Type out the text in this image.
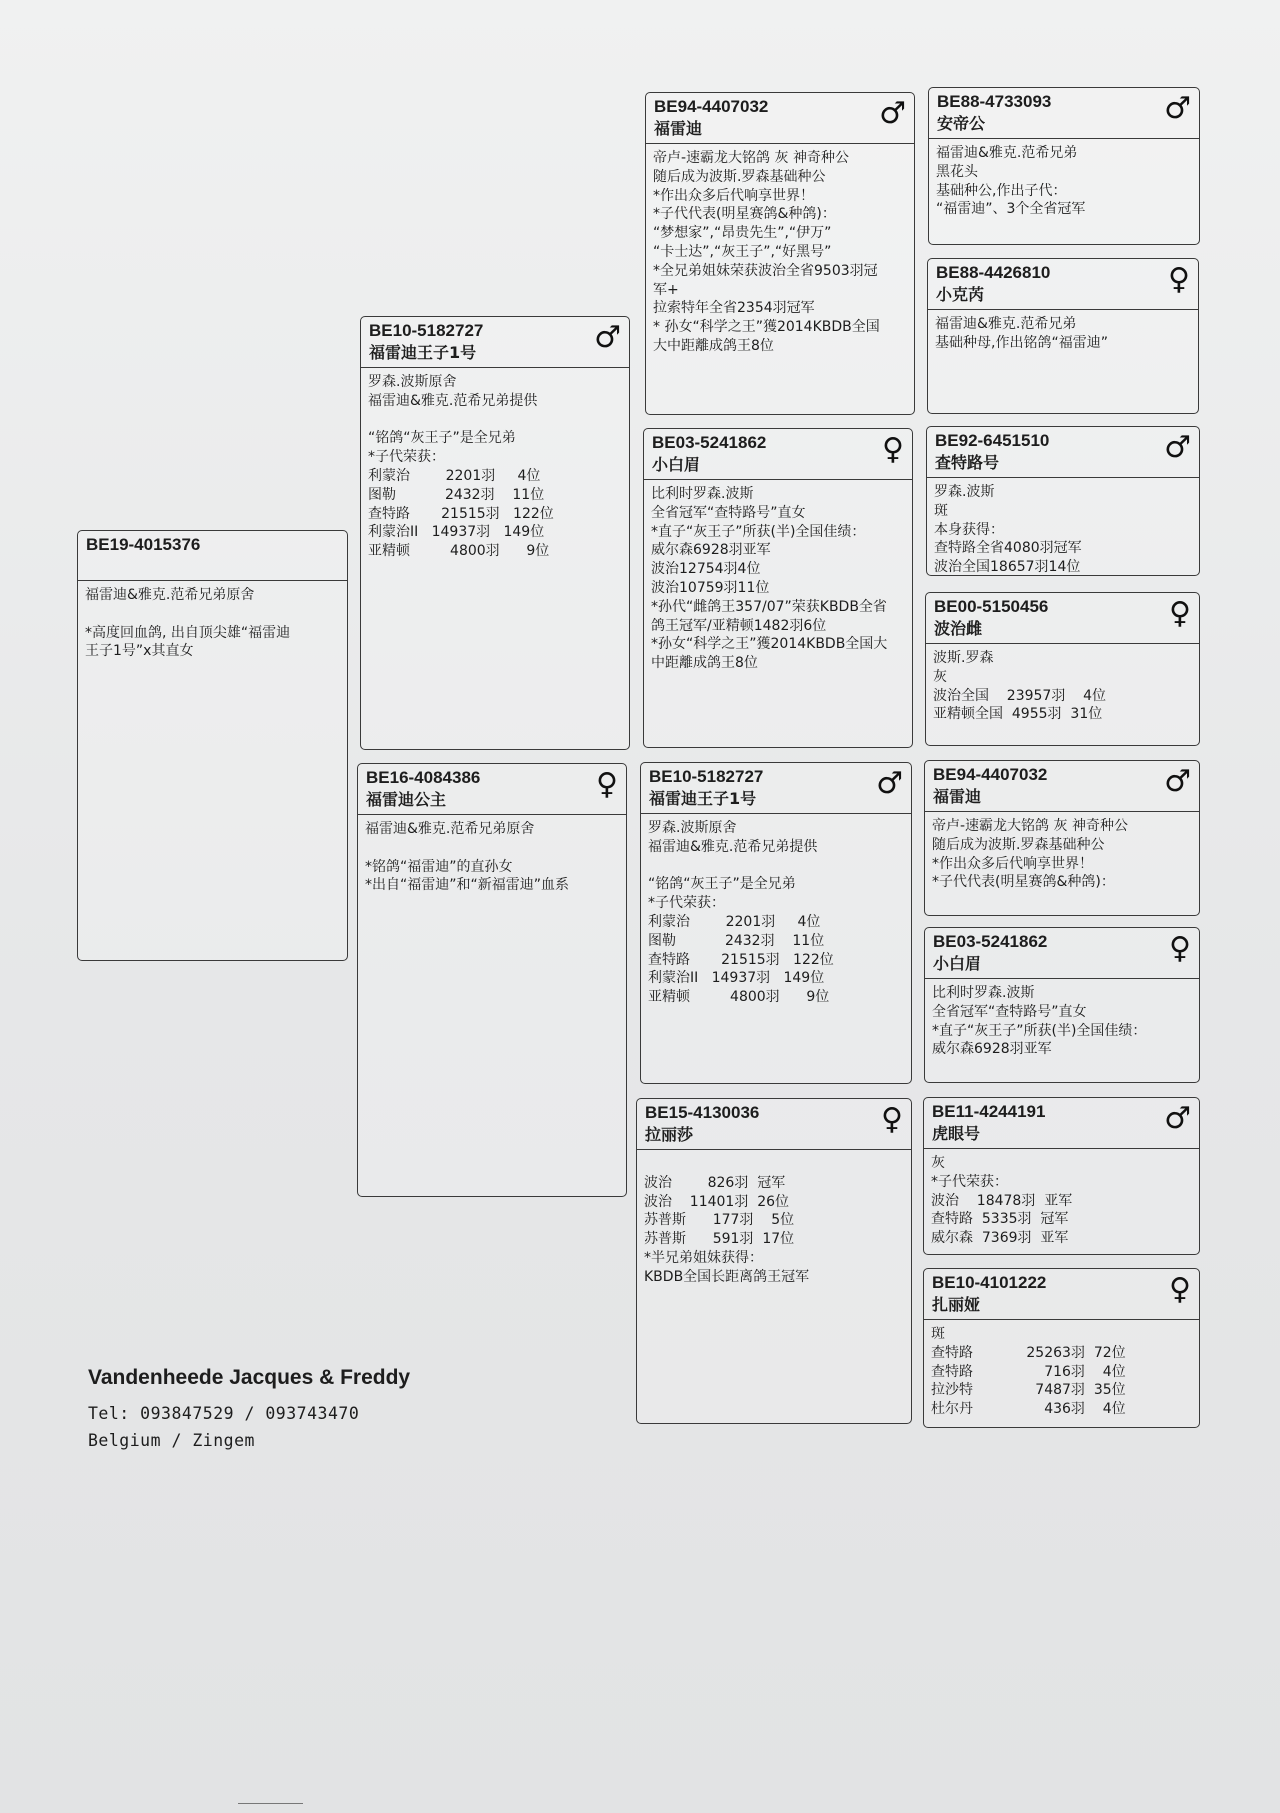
BE19-4015376
福雷迪&雅克.范希兄弟原舍
*高度回血鸽, 出自顶尖雄“福雷迪
王子1号”x其直女
BE10-5182727
福雷迪王子1号	♂
罗森.波斯原舍
福雷迪&雅克.范希兄弟提供
“铭鸽“灰王子”是全兄弟
*子代荣获：
利蒙治        2201羽     4位
图勒           2432羽    11位
查特路       21515羽   122位
利蒙治II   14937羽   149位
亚精顿         4800羽      9位
BE16-4084386
福雷迪公主	♀
福雷迪&雅克.范希兄弟原舍
*铭鸽“福雷迪”的直孙女
*出自“福雷迪”和“新福雷迪”血系
BE94-4407032
福雷迪	♂
帝卢-速霸龙大铭鸽 灰 神奇种公
随后成为波斯.罗森基础种公
*作出众多后代响享世界！
*子代代表(明星赛鸽&种鸽)：
“梦想家”,“昂贵先生”,“伊万”
“卡士达”,“灰王子”,“好黑号”
*全兄弟姐妹荣获波治全省9503羽冠
军+
拉索特年全省2354羽冠军
* 孙女“科学之王”獲2014KBDB全国
大中距離成鸽王8位
BE03-5241862
小白眉	♀
比利时罗森.波斯
全省冠军“查特路号”直女
*直子“灰王子”所获(半)全国佳绩：
威尔森6928羽亚军
波治12754羽4位
波治10759羽11位
*孙代“雌鸽王357/07”荣获KBDB全省
鸽王冠军/亚精顿1482羽6位
*孙女“科学之王”獲2014KBDB全国大
中距離成鸽王8位
BE10-5182727
福雷迪王子1号	♂
罗森.波斯原舍
福雷迪&雅克.范希兄弟提供
“铭鸽“灰王子”是全兄弟
*子代荣获：
利蒙治        2201羽     4位
图勒           2432羽    11位
查特路       21515羽   122位
利蒙治II   14937羽   149位
亚精顿         4800羽      9位
BE15-4130036
拉丽莎	♀
波治        826羽  冠军
波治    11401羽  26位
苏普斯      177羽    5位
苏普斯      591羽  17位
*半兄弟姐妹获得：
KBDB全国长距离鸽王冠军
BE88-4733093
安帝公	♂
福雷迪&雅克.范希兄弟
黑花头
基础种公,作出子代：
“福雷迪”、3个全省冠军
BE88-4426810
小克芮	♀
福雷迪&雅克.范希兄弟
基础种母,作出铭鸽“福雷迪”
BE92-6451510
查特路号	♂
罗森.波斯
斑
本身获得：
查特路全省4080羽冠军
波治全国18657羽14位
BE00-5150456
波治雌	♀
波斯.罗森
灰
波治全国    23957羽    4位
亚精顿全国  4955羽  31位
BE94-4407032
福雷迪	♂
帝卢-速霸龙大铭鸽 灰 神奇种公
随后成为波斯.罗森基础种公
*作出众多后代响享世界！
*子代代表(明星赛鸽&种鸽)：
BE03-5241862
小白眉	♀
比利时罗森.波斯
全省冠军“查特路号”直女
*直子“灰王子”所获(半)全国佳绩：
威尔森6928羽亚军
BE11-4244191
虎眼号	♂
灰
*子代荣获：
波治    18478羽  亚军
查特路  5335羽  冠军
威尔森  7369羽  亚军
BE10-4101222
扎丽娅	♀
斑
查特路            25263羽  72位
查特路                716羽    4位
拉沙特              7487羽  35位
杜尔丹                436羽    4位
Vandenheede Jacques & Freddy
Tel: 093847529 / 093743470
Belgium / Zingem
